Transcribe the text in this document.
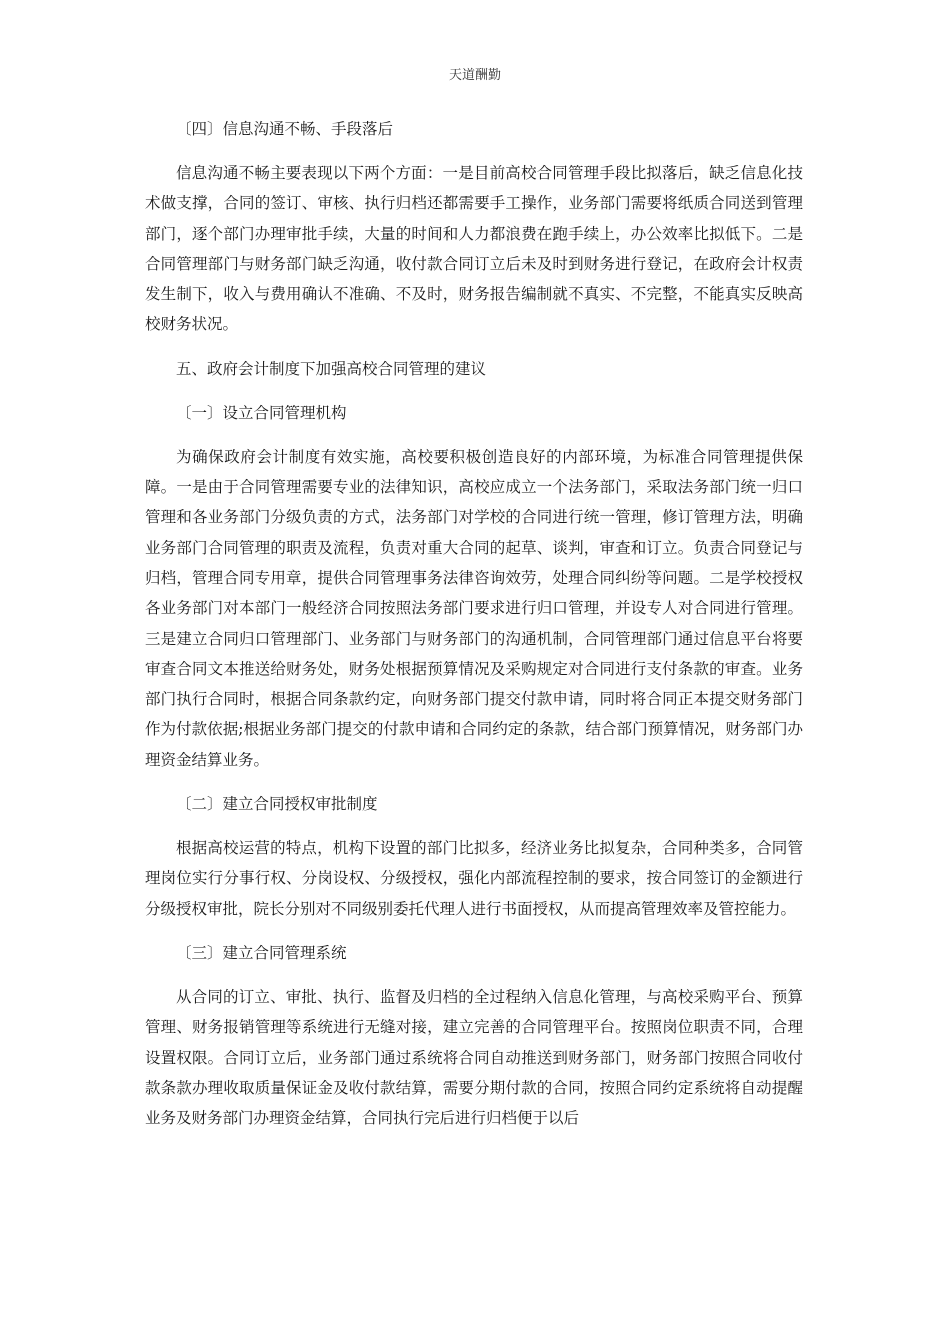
天道酬勤
〔四〕信息沟通不畅、手段落后
信息沟通不畅主要表现以下两个方面：一是目前高校合同管理手段比拟落后，缺乏信息化技术做支撑，合同的签订、审核、执行归档还都需要手工操作，业务部门需要将纸质合同送到管理部门，逐个部门办理审批手续，大量的时间和人力都浪费在跑手续上，办公效率比拟低下。二是合同管理部门与财务部门缺乏沟通，收付款合同订立后未及时到财务进行登记，在政府会计权责发生制下，收入与费用确认不准确、不及时，财务报告编制就不真实、不完整，不能真实反映高校财务状况。
五、政府会计制度下加强高校合同管理的建议
〔一〕设立合同管理机构
为确保政府会计制度有效实施，高校要积极创造良好的内部环境，为标准合同管理提供保障。一是由于合同管理需要专业的法律知识，高校应成立一个法务部门，采取法务部门统一归口管理和各业务部门分级负责的方式，法务部门对学校的合同进行统一管理，修订管理方法，明确业务部门合同管理的职责及流程，负责对重大合同的起草、谈判，审查和订立。负责合同登记与归档，管理合同专用章，提供合同管理事务法律咨询效劳，处理合同纠纷等问题。二是学校授权各业务部门对本部门一般经济合同按照法务部门要求进行归口管理，并设专人对合同进行管理。三是建立合同归口管理部门、业务部门与财务部门的沟通机制，合同管理部门通过信息平台将要审查合同文本推送给财务处，财务处根据预算情况及采购规定对合同进行支付条款的审查。业务部门执行合同时，根据合同条款约定，向财务部门提交付款申请，同时将合同正本提交财务部门作为付款依据;根据业务部门提交的付款申请和合同约定的条款，结合部门预算情况，财务部门办理资金结算业务。
〔二〕建立合同授权审批制度
根据高校运营的特点，机构下设置的部门比拟多，经济业务比拟复杂，合同种类多，合同管理岗位实行分事行权、分岗设权、分级授权，强化内部流程控制的要求，按合同签订的金额进行分级授权审批，院长分别对不同级别委托代理人进行书面授权，从而提高管理效率及管控能力。
〔三〕建立合同管理系统
从合同的订立、审批、执行、监督及归档的全过程纳入信息化管理，与高校采购平台、预算管理、财务报销管理等系统进行无缝对接，建立完善的合同管理平台。按照岗位职责不同，合理设置权限。合同订立后，业务部门通过系统将合同自动推送到财务部门，财务部门按照合同收付款条款办理收取质量保证金及收付款结算，需要分期付款的合同，按照合同约定系统将自动提醒业务及财务部门办理资金结算，合同执行完后进行归档便于以后
